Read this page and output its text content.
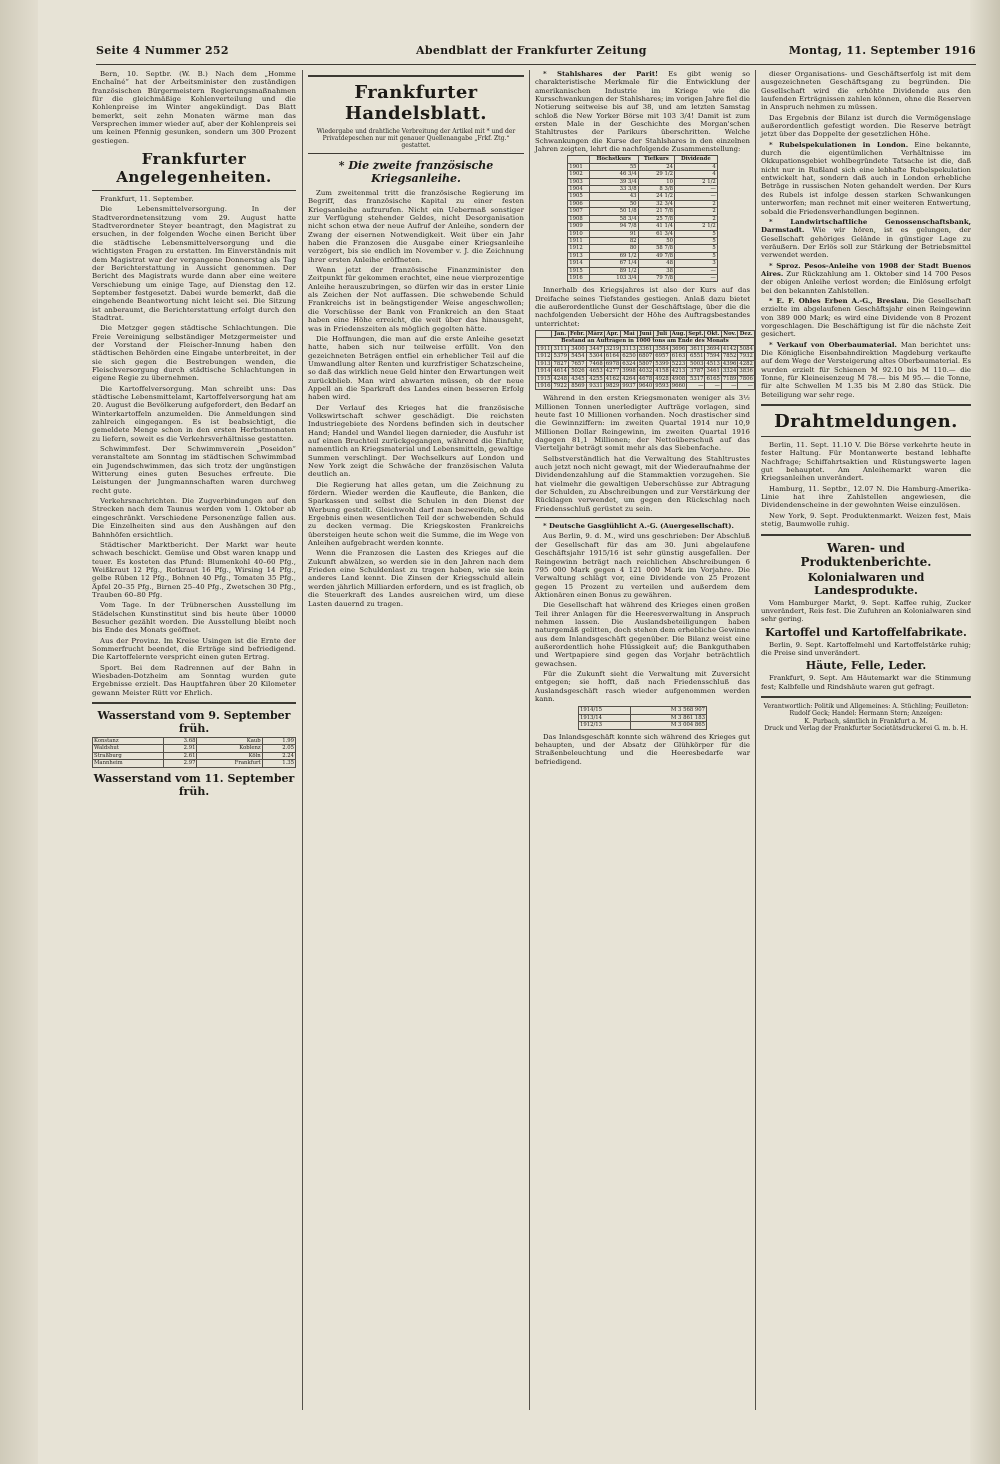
Seite 4 Nummer 252	Abendblatt der Frankfurter Zeitung	Montag, 11. September 1916

Bern, 10. Septbr. (W. B.) Nach dem „Homme Enchaîné“ hat der Arbeitsminister den zuständigen französischen Bürgermeistern Regierungsmaßnahmen für die gleichmäßige Kohlenverteilung und die Kohlenpreise im Winter angekündigt. Das Blatt bemerkt, seit zehn Monaten wärme man das Versprechen immer wieder auf, aber der Kohlenpreis sei um keinen Pfennig gesunken, sondern um 300 Prozent gestiegen.

Frankfurter Angelegenheiten.

Frankfurt, 11. September.

Die Lebensmittelversorgung. In der Stadtverordnetensitzung vom 29. August hatte Stadtverordneter Steyer beantragt, den Magistrat zu ersuchen, in der folgenden Woche einen Bericht über die städtische Lebensmittelversorgung und die wichtigsten Fragen zu erstatten. Im Einverständnis mit dem Magistrat war der vergangene Donnerstag als Tag der Berichterstattung in Aussicht genommen. Der Bericht des Magistrats wurde dann aber eine weitere Verschiebung um einige Tage, auf Dienstag den 12. September festgesetzt. Dabei wurde bemerkt, daß die eingehende Beantwortung nicht leicht sei. Die Sitzung ist anberaumt, die Berichterstattung erfolgt durch den Stadtrat.

Die Metzger gegen städtische Schlachtungen. Die Freie Vereinigung selbständiger Metzgermeister und der Vorstand der Fleischer-Innung haben den städtischen Behörden eine Eingabe unterbreitet, in der sie sich gegen die Bestrebungen wenden, die Fleischversorgung durch städtische Schlachtungen in eigene Regie zu übernehmen.

Die Kartoffelversorgung. Man schreibt uns: Das städtische Lebensmittelamt, Kartoffelversorgung hat am 20. August die Bevölkerung aufgefordert, den Bedarf an Winterkartoffeln anzumelden. Die Anmeldungen sind zahlreich eingegangen. Es ist beabsichtigt, die gemeldete Menge schon in den ersten Herbstmonaten zu liefern, soweit es die Verkehrsverhältnisse gestatten.

Schwimmfest. Der Schwimmverein „Poseidon“ veranstaltete am Sonntag im städtischen Schwimmbad ein Jugendschwimmen, das sich trotz der ungünstigen Witterung eines guten Besuches erfreute. Die Leistungen der Jungmannschaften waren durchweg recht gute.

Verkehrsnachrichten. Die Zugverbindungen auf den Strecken nach dem Taunus werden vom 1. Oktober ab eingeschränkt. Verschiedene Personenzüge fallen aus. Die Einzelheiten sind aus den Aushängen auf den Bahnhöfen ersichtlich.

Städtischer Marktbericht. Der Markt war heute schwach beschickt. Gemüse und Obst waren knapp und teuer. Es kosteten das Pfund: Blumenkohl 40–60 Pfg., Weißkraut 12 Pfg., Rotkraut 16 Pfg., Wirsing 14 Pfg., gelbe Rüben 12 Pfg., Bohnen 40 Pfg., Tomaten 35 Pfg., Äpfel 20–35 Pfg., Birnen 25–40 Pfg., Zwetschen 30 Pfg., Trauben 60–80 Pfg.

Vom Tage. In der Trübnerschen Ausstellung im Städelschen Kunstinstitut sind bis heute über 10000 Besucher gezählt worden. Die Ausstellung bleibt noch bis Ende des Monats geöffnet.

Aus der Provinz. Im Kreise Usingen ist die Ernte der Sommerfrucht beendet, die Erträge sind befriedigend. Die Kartoffelernte verspricht einen guten Ertrag.

Sport. Bei dem Radrennen auf der Bahn in Wiesbaden-Dotzheim am Sonntag wurden gute Ergebnisse erzielt. Das Hauptfahren über 20 Kilometer gewann Meister Rütt vor Ehrlich.

Wasserstand vom 9. September früh.
Konstanz	3.68	Kaub	1.99
Waldshut	2.91	Koblenz	2.05
Straßburg	2.61	Köln	2.24
Mannheim	2.97	Frankfurt	1.35
Wasserstand vom 11. September früh.
Frankfurter Handelsblatt.

Wiedergabe und drahtliche Verbreitung der Artikel mit * und der Privatdepeschen nur mit genauer Quellenangabe „Frkf. Ztg.“ gestattet.

* Die zweite französische Kriegsanleihe.

Zum zweitenmal tritt die französische Regierung im Begriff, das französische Kapital zu einer festen Kriegsanleihe aufzurufen. Nicht ein Uebermaß sonstiger zur Verfügung stehender Geldes, nicht Desorganisation nicht schon etwa der neue Aufruf der Anleihe, sondern der Zwang der eisernen Notwendigkeit. Weit über ein Jahr haben die Franzosen die Ausgabe einer Kriegsanleihe verzögert, bis sie endlich im November v. J. die Zeichnung ihrer ersten Anleihe eröffneten.

Wenn jetzt der französische Finanzminister den Zeitpunkt für gekommen erachtet, eine neue vierprozentige Anleihe herauszubringen, so dürfen wir das in erster Linie als Zeichen der Not auffassen. Die schwebende Schuld Frankreichs ist in beängstigender Weise angeschwollen; die Vorschüsse der Bank von Frankreich an den Staat haben eine Höhe erreicht, die weit über das hinausgeht, was in Friedenszeiten als möglich gegolten hätte.

Die Hoffnungen, die man auf die erste Anleihe gesetzt hatte, haben sich nur teilweise erfüllt. Von den gezeichneten Beträgen entfiel ein erheblicher Teil auf die Umwandlung alter Renten und kurzfristiger Schatzscheine, so daß das wirklich neue Geld hinter den Erwartungen weit zurückblieb. Man wird abwarten müssen, ob der neue Appell an die Sparkraft des Landes einen besseren Erfolg haben wird.

Der Verlauf des Krieges hat die französische Volkswirtschaft schwer geschädigt. Die reichsten Industriegebiete des Nordens befinden sich in deutscher Hand; Handel und Wandel liegen darnieder, die Ausfuhr ist auf einen Bruchteil zurückgegangen, während die Einfuhr, namentlich an Kriegsmaterial und Lebensmitteln, gewaltige Summen verschlingt. Der Wechselkurs auf London und New York zeigt die Schwäche der französischen Valuta deutlich an.

Die Regierung hat alles getan, um die Zeichnung zu fördern. Wieder werden die Kaufleute, die Banken, die Sparkassen und selbst die Schulen in den Dienst der Werbung gestellt. Gleichwohl darf man bezweifeln, ob das Ergebnis einen wesentlichen Teil der schwebenden Schuld zu decken vermag. Die Kriegskosten Frankreichs übersteigen heute schon weit die Summe, die im Wege von Anleihen aufgebracht werden konnte.

Wenn die Franzosen die Lasten des Krieges auf die Zukunft abwälzen, so werden sie in den Jahren nach dem Frieden eine Schuldenlast zu tragen haben, wie sie kein anderes Land kennt. Die Zinsen der Kriegsschuld allein werden jährlich Milliarden erfordern, und es ist fraglich, ob die Steuerkraft des Landes ausreichen wird, um diese Lasten dauernd zu tragen.

* Stahlshares der Parit! Es gibt wenig so charakteristische Merkmale für die Entwicklung der amerikanischen Industrie im Kriege wie die Kursschwankungen der Stahlshares; im vorigen Jahre fiel die Notierung seitweise bis auf 38, und am letzten Samstag schloß die New Yorker Börse mit 103 3/4! Damit ist zum ersten Male in der Geschichte des Morgan'schen Stahltrustes der Parikurs überschritten. Welche Schwankungen die Kurse der Stahlshares in den einzelnen Jahren zeigten, lehrt die nachfolgende Zusammenstellung:

	Höchstkurs	Tiefkurs	Dividende
1901	55	24	4
1902	46 3/4	29 1/2	4
1903	39 3/4	10	2 1/2
1904	33 3/8	8 3/8	—
1905	43	24 1/2	—
1906	50	32 3/4	2
1907	50 1/8	21 7/8	2
1908	58 3/4	25 7/8	2
1909	94 7/8	41 1/4	2 1/2
1910	91	61 3/4	5
1911	82	50	5
1912	80	58 7/8	5
1913	69 1/2	49 7/8	5
1914	67 1/4	48	3
1915	89 1/2	38	—
1916	103 3/4	79 7/8	—

Innerhalb des Kriegsjahres ist also der Kurs auf das Dreifache seines Tiefstandes gestiegen. Anlaß dazu bietet die außerordentliche Gunst der Geschäftslage, über die die nachfolgenden Uebersicht der Höhe des Auftragsbestandes unterrichtet:

	Jan.	Febr.	März	Apr.	Mai	Juni	Juli	Aug.	Sept.	Okt.	Nov.	Dez.
Bestand an Aufträgen in 1000 tons am Ende des Monats												
1911	3111	3400	3447	3219	3113	3361	3584	3696	3611	3694	4142	5084
1912	5379	5454	5304	6164	6250	6807	6957	6163	6551	7594	7852	7932
1913	7827	7657	7468	6978	6324	5807	5399	5223	5003	4513	4396	4282
1914	4614	5026	4653	4277	3998	4032	4158	4213	3787	3461	3324	3836
1915	4248	4345	4255	4162	4264	4678	4928	4908	5317	6165	7189	7806
1916	7922	8569	9331	9829	9937	9640	9593	9660	—	—	—	—

Während in den ersten Kriegsmonaten weniger als 3½ Millionen Tonnen unerledigter Aufträge vorlagen, sind heute fast 10 Millionen vorhanden. Noch drastischer sind die Gewinnziffern: im zweiten Quartal 1914 nur 10,9 Millionen Dollar Reingewinn, im zweiten Quartal 1916 dagegen 81,1 Millionen; der Nettoüberschuß auf das Vierteljahr beträgt somit mehr als das Siebenfache.

Selbstverständlich hat die Verwaltung des Stahltrustes auch jetzt noch nicht gewagt, mit der Wiederaufnahme der Dividendenzahlung auf die Stammaktien vorzugehen. Sie hat vielmehr die gewaltigen Ueberschüsse zur Abtragung der Schulden, zu Abschreibungen und zur Verstärkung der Rücklagen verwendet, um gegen den Rückschlag nach Friedensschluß gerüstet zu sein.

* Deutsche Gasglühlicht A.-G. (Auergesellschaft).

Aus Berlin, 9. d. M., wird uns geschrieben: Der Abschluß der Gesellschaft für das am 30. Juni abgelaufene Geschäftsjahr 1915/16 ist sehr günstig ausgefallen. Der Reingewinn beträgt nach reichlichen Abschreibungen 6 795 000 Mark gegen 4 121 000 Mark im Vorjahre. Die Verwaltung schlägt vor, eine Dividende von 25 Prozent gegen 15 Prozent zu verteilen und außerdem dem Aktionären einen Bonus zu gewähren.

Die Gesellschaft hat während des Krieges einen großen Teil ihrer Anlagen für die Heeresverwaltung in Anspruch nehmen lassen. Die Auslandsbeteiligungen haben naturgemäß gelitten, doch stehen dem erhebliche Gewinne aus dem Inlandsgeschäft gegenüber. Die Bilanz weist eine außerordentlich hohe Flüssigkeit auf; die Bankguthaben und Wertpapiere sind gegen das Vorjahr beträchtlich gewachsen.

Für die Zukunft sieht die Verwaltung mit Zuversicht entgegen; sie hofft, daß nach Friedensschluß das Auslandsgeschäft rasch wieder aufgenommen werden kann.

1914/15	M 3 568 907
1913/14	M 3 861 183
1912/13	M 3 004 865

Das Inlandsgeschäft konnte sich während des Krieges gut behaupten, und der Absatz der Glühkörper für die Straßenbeleuchtung und die Heeresbedarfe war befriedigend.

dieser Organisations- und Geschäftserfolg ist mit dem ausgezeichneten Geschäftsgang zu begründen. Die Gesellschaft wird die erhöhte Dividende aus den laufenden Erträgnissen zahlen können, ohne die Reserven in Anspruch nehmen zu müssen.

Das Ergebnis der Bilanz ist durch die Vermögenslage außerordentlich gefestigt worden. Die Reserve beträgt jetzt über das Doppelte der gesetzlichen Höhe.

* Rubelspekulationen in London. Eine bekannte, durch die eigentümlichen Verhältnisse im Okkupationsgebiet wohlbegründete Tatsache ist die, daß nicht nur in Rußland sich eine lebhafte Rubelspekulation entwickelt hat, sondern daß auch in London erhebliche Beträge in russischen Noten gehandelt werden. Der Kurs des Rubels ist infolge dessen starken Schwankungen unterworfen; man rechnet mit einer weiteren Entwertung, sobald die Friedensverhandlungen beginnen.

* Landwirtschaftliche Genossenschaftsbank, Darmstadt. Wie wir hören, ist es gelungen, der Gesellschaft gehöriges Gelände in günstiger Lage zu veräußern. Der Erlös soll zur Stärkung der Betriebsmittel verwendet werden.

* Sproz. Pesos-Anleihe von 1908 der Stadt Buenos Aires. Zur Rückzahlung am 1. Oktober sind 14 700 Pesos der obigen Anleihe verlost worden; die Einlösung erfolgt bei den bekannten Zahlstellen.

* E. F. Ohles Erben A.-G., Breslau. Die Gesellschaft erzielte im abgelaufenen Geschäftsjahr einen Reingewinn von 389 000 Mark; es wird eine Dividende von 8 Prozent vorgeschlagen. Die Beschäftigung ist für die nächste Zeit gesichert.

* Verkauf von Oberbaumaterial. Man berichtet uns: Die Königliche Eisenbahndirektion Magdeburg verkaufte auf dem Wege der Versteigerung altes Oberbaumaterial. Es wurden erzielt für Schienen M 92.10 bis M 110.— die Tonne, für Kleineisenzeug M 78.— bis M 95.— die Tonne, für alte Schwellen M 1.35 bis M 2.80 das Stück. Die Beteiligung war sehr rege.

Drahtmeldungen.

Berlin, 11. Sept. 11.10 V. Die Börse verkehrte heute in fester Haltung. Für Montanwerte bestand lebhafte Nachfrage; Schiffahrtsaktien und Rüstungswerte lagen gut behauptet. Am Anleihemarkt waren die Kriegsanleihen unverändert.

Hamburg, 11. Septbr., 12.07 N. Die Hamburg-Amerika-Linie hat ihre Zahlstellen angewiesen, die Dividendenscheine in der gewohnten Weise einzulösen.

New York, 9. Sept. Produktenmarkt. Weizen fest, Mais stetig, Baumwolle ruhig.

Waren- und Produktenberichte.
Kolonialwaren und Landesprodukte.

Vom Hamburger Markt, 9. Sept. Kaffee ruhig, Zucker unverändert, Reis fest. Die Zufuhren an Kolonialwaren sind sehr gering.

Kartoffel und Kartoffelfabrikate.

Berlin, 9. Sept. Kartoffelmehl und Kartoffelstärke ruhig; die Preise sind unverändert.

Häute, Felle, Leder.

Frankfurt, 9. Sept. Am Häutemarkt war die Stimmung fest; Kalbfelle und Rindshäute waren gut gefragt.

Verantwortlich: Politik und Allgemeines: A. Stüchling; Feuilleton: Rudolf Geck; Handel: Hermann Stern; Anzeigen:

K. Purbach, sämtlich in Frankfurt a. M.

Druck und Verlag der Frankfurter Societätsdruckerei G. m. b. H.
